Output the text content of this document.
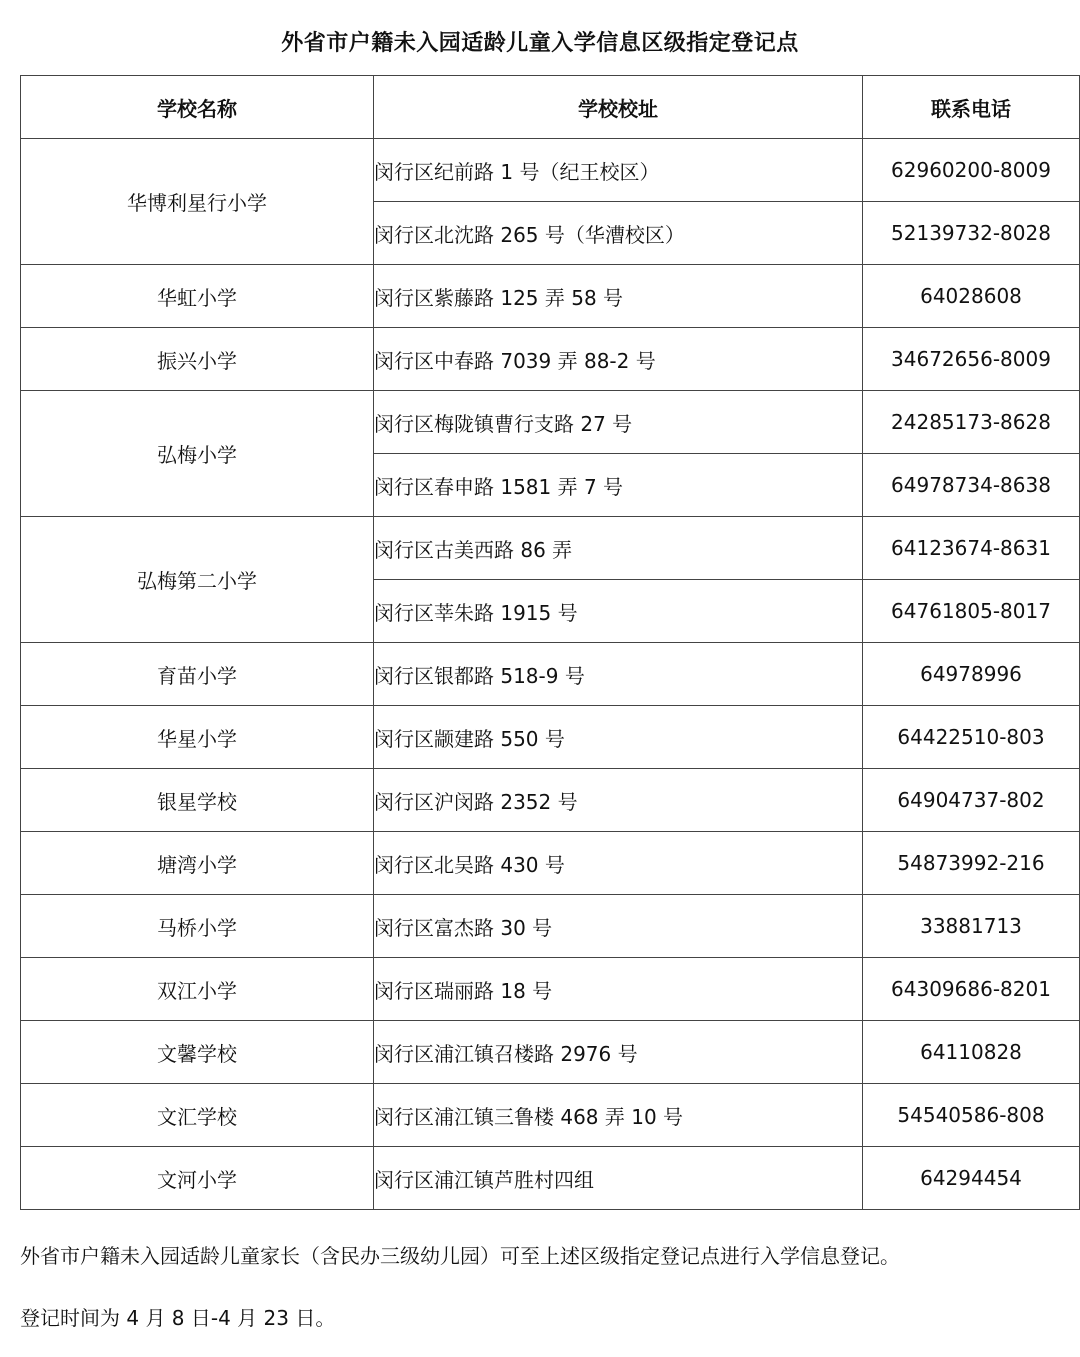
外省市户籍未入园适龄儿童入学信息区级指定登记点
学校名称	学校校址	联系电话
华博利星行小学	闵行区纪前路 1 号（纪王校区）	62960200-8009
	闵行区北沈路 265 号（华漕校区）	52139732-8028
华虹小学	闵行区紫藤路 125 弄 58 号	64028608
振兴小学	闵行区中春路 7039 弄 88-2 号	34672656-8009
弘梅小学	闵行区梅陇镇曹行支路 27 号	24285173-8628
	闵行区春申路 1581 弄 7 号	64978734-8638
弘梅第二小学	闵行区古美西路 86 弄	64123674-8631
	闵行区莘朱路 1915 号	64761805-8017
育苗小学	闵行区银都路 518-9 号	64978996
华星小学	闵行区颛建路 550 号	64422510-803
银星学校	闵行区沪闵路 2352 号	64904737-802
塘湾小学	闵行区北吴路 430 号	54873992-216
马桥小学	闵行区富杰路 30 号	33881713
双江小学	闵行区瑞丽路 18 号	64309686-8201
文馨学校	闵行区浦江镇召楼路 2976 号	64110828
文汇学校	闵行区浦江镇三鲁楼 468 弄 10 号	54540586-808
文河小学	闵行区浦江镇芦胜村四组	64294454
外省市户籍未入园适龄儿童家长（含民办三级幼儿园）可至上述区级指定登记点进行入学信息登记。
登记时间为 4 月 8 日-4 月 23 日。
